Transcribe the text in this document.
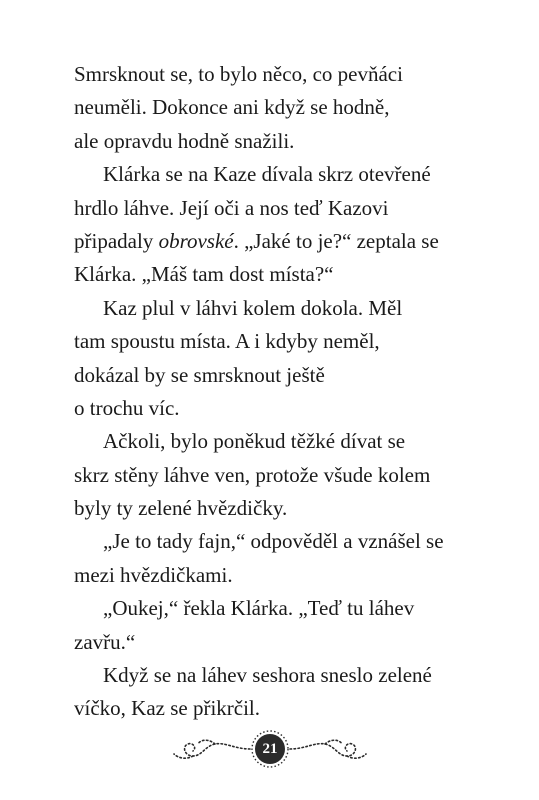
Smrsknout se, to bylo něco, co pevňáci
neuměli. Dokonce ani když se hodně,
ale opravdu hodně snažili.
Klárka se na Kaze dívala skrz otevřené
hrdlo láhve. Její oči a nos teď Kazovi
připadaly obrovské. „Jaké to je?“ zeptala se
Klárka. „Máš tam dost místa?“
Kaz plul v láhvi kolem dokola. Měl
tam spoustu místa. A i kdyby neměl,
dokázal by se smrsknout ještě
o trochu víc.
Ačkoli, bylo poněkud těžké dívat se
skrz stěny láhve ven, protože všude kolem
byly ty zelené hvězdičky.
„Je to tady fajn,“ odpověděl a vznášel se
mezi hvězdičkami.
„Oukej,“ řekla Klárka. „Teď tu láhev
zavřu.“
Když se na láhev seshora sneslo zelené
víčko, Kaz se přikrčil.
21
